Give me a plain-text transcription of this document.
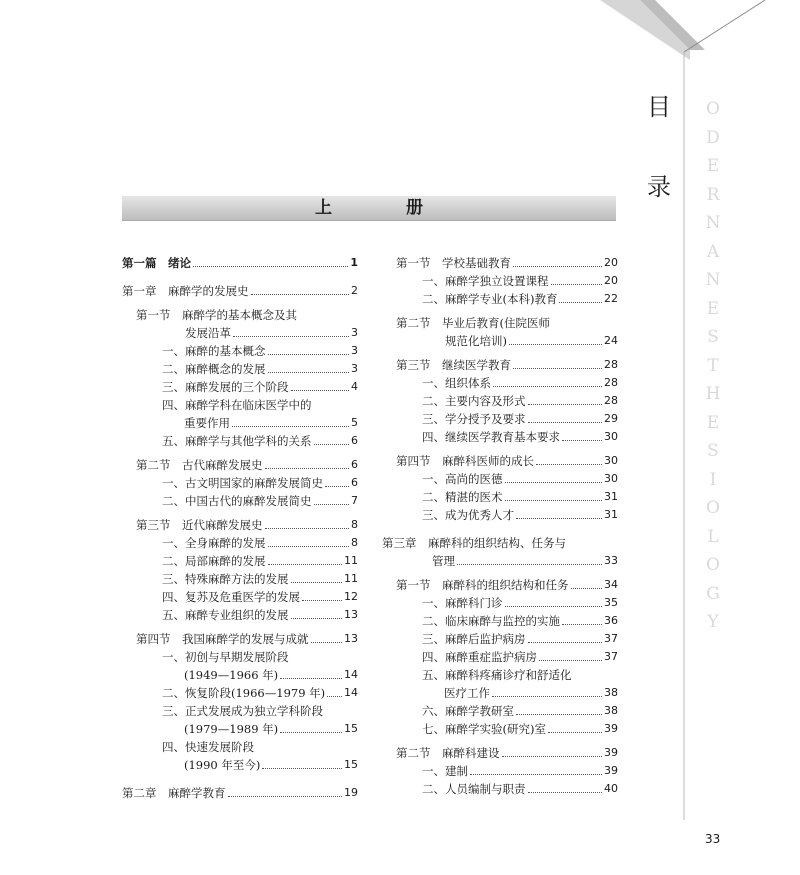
目
录
O
D
E
R
N
A
N
E
S
T
H
E
S
I
O
L
O
G
Y
上 册
第一篇　绪论	1
第一章　麻醉学的发展史	2
第一节　麻醉学的基本概念及其
发展沿革	3
一、麻醉的基本概念	3
二、麻醉概念的发展	3
三、麻醉发展的三个阶段	4
四、麻醉学科在临床医学中的
重要作用	5
五、麻醉学与其他学科的关系	6
第二节　古代麻醉发展史	6
一、古文明国家的麻醉发展简史	6
二、中国古代的麻醉发展简史	7
第三节　近代麻醉发展史	8
一、全身麻醉的发展	8
二、局部麻醉的发展	11
三、特殊麻醉方法的发展	11
四、复苏及危重医学的发展	12
五、麻醉专业组织的发展	13
第四节　我国麻醉学的发展与成就	13
一、初创与早期发展阶段
(1949—1966 年)	14
二、恢复阶段(1966—1979 年) 14
三、正式发展成为独立学科阶段
(1979—1989 年)	15
四、快速发展阶段
(1990 年至今)	15
第二章　麻醉学教育	19
第一节　学校基础教育	20
一、麻醉学独立设置课程	20
二、麻醉学专业(本科)教育	22
第二节　毕业后教育(住院医师
规范化培训)	24
第三节　继续医学教育	28
一、组织体系	28
二、主要内容及形式	28
三、学分授予及要求	29
四、继续医学教育基本要求	30
第四节　麻醉科医师的成长	30
一、高尚的医德	30
二、精湛的医术	31
三、成为优秀人才	31
第三章　麻醉科的组织结构、任务与
管理	33
第一节　麻醉科的组织结构和任务	34
一、麻醉科门诊	35
二、临床麻醉与监控的实施	36
三、麻醉后监护病房	37
四、麻醉重症监护病房	37
五、麻醉科疼痛诊疗和舒适化
医疗工作	38
六、麻醉学教研室	38
七、麻醉学实验(研究)室	39
第二节　麻醉科建设	39
一、建制	39
二、人员编制与职责	40
33
